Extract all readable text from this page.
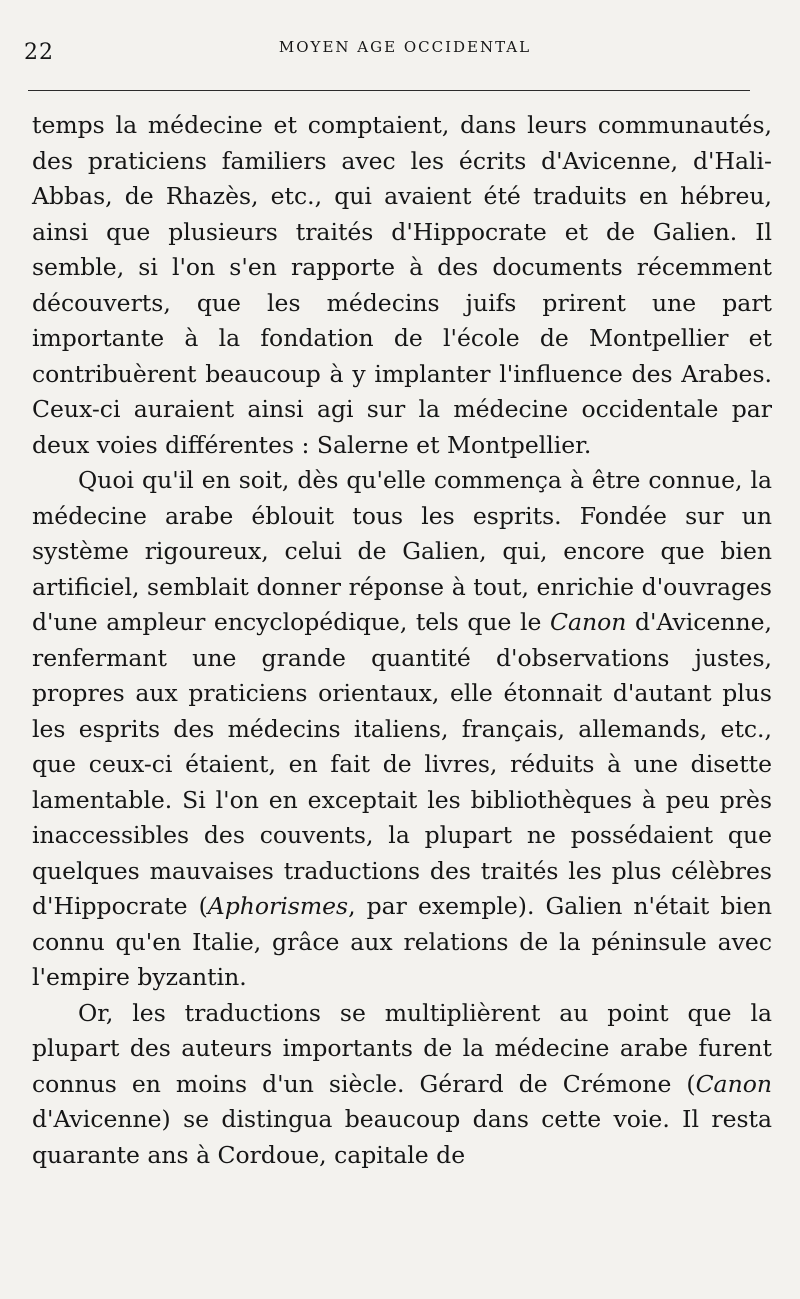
22	MOYEN AGE OCCIDENTAL

temps la médecine et comptaient, dans leurs communautés, des praticiens familiers avec les écrits d'Avicenne, d'Hali-Abbas, de Rhazès, etc., qui avaient été traduits en hébreu, ainsi que plusieurs traités d'Hippocrate et de Galien. Il semble, si l'on s'en rapporte à des documents récemment découverts, que les médecins juifs prirent une part importante à la fondation de l'école de Montpellier et contribuèrent beaucoup à y implanter l'influence des Arabes. Ceux-ci auraient ainsi agi sur la médecine occidentale par deux voies différentes : Salerne et Montpellier.

Quoi qu'il en soit, dès qu'elle commença à être connue, la médecine arabe éblouit tous les esprits. Fondée sur un système rigoureux, celui de Galien, qui, encore que bien artificiel, semblait donner réponse à tout, enrichie d'ouvrages d'une ampleur encyclopédique, tels que le Canon d'Avicenne, renfermant une grande quantité d'observations justes, propres aux praticiens orientaux, elle étonnait d'autant plus les esprits des médecins italiens, français, allemands, etc., que ceux-ci étaient, en fait de livres, réduits à une disette lamentable. Si l'on en exceptait les bibliothèques à peu près inaccessibles des couvents, la plupart ne possédaient que quelques mauvaises traductions des traités les plus célèbres d'Hippocrate (Aphorismes, par exemple). Galien n'était bien connu qu'en Italie, grâce aux relations de la péninsule avec l'empire byzantin.

Or, les traductions se multiplièrent au point que la plupart des auteurs importants de la médecine arabe furent connus en moins d'un siècle. Gérard de Crémone (Canon d'Avicenne) se distingua beaucoup dans cette voie. Il resta quarante ans à Cordoue, capitale de
